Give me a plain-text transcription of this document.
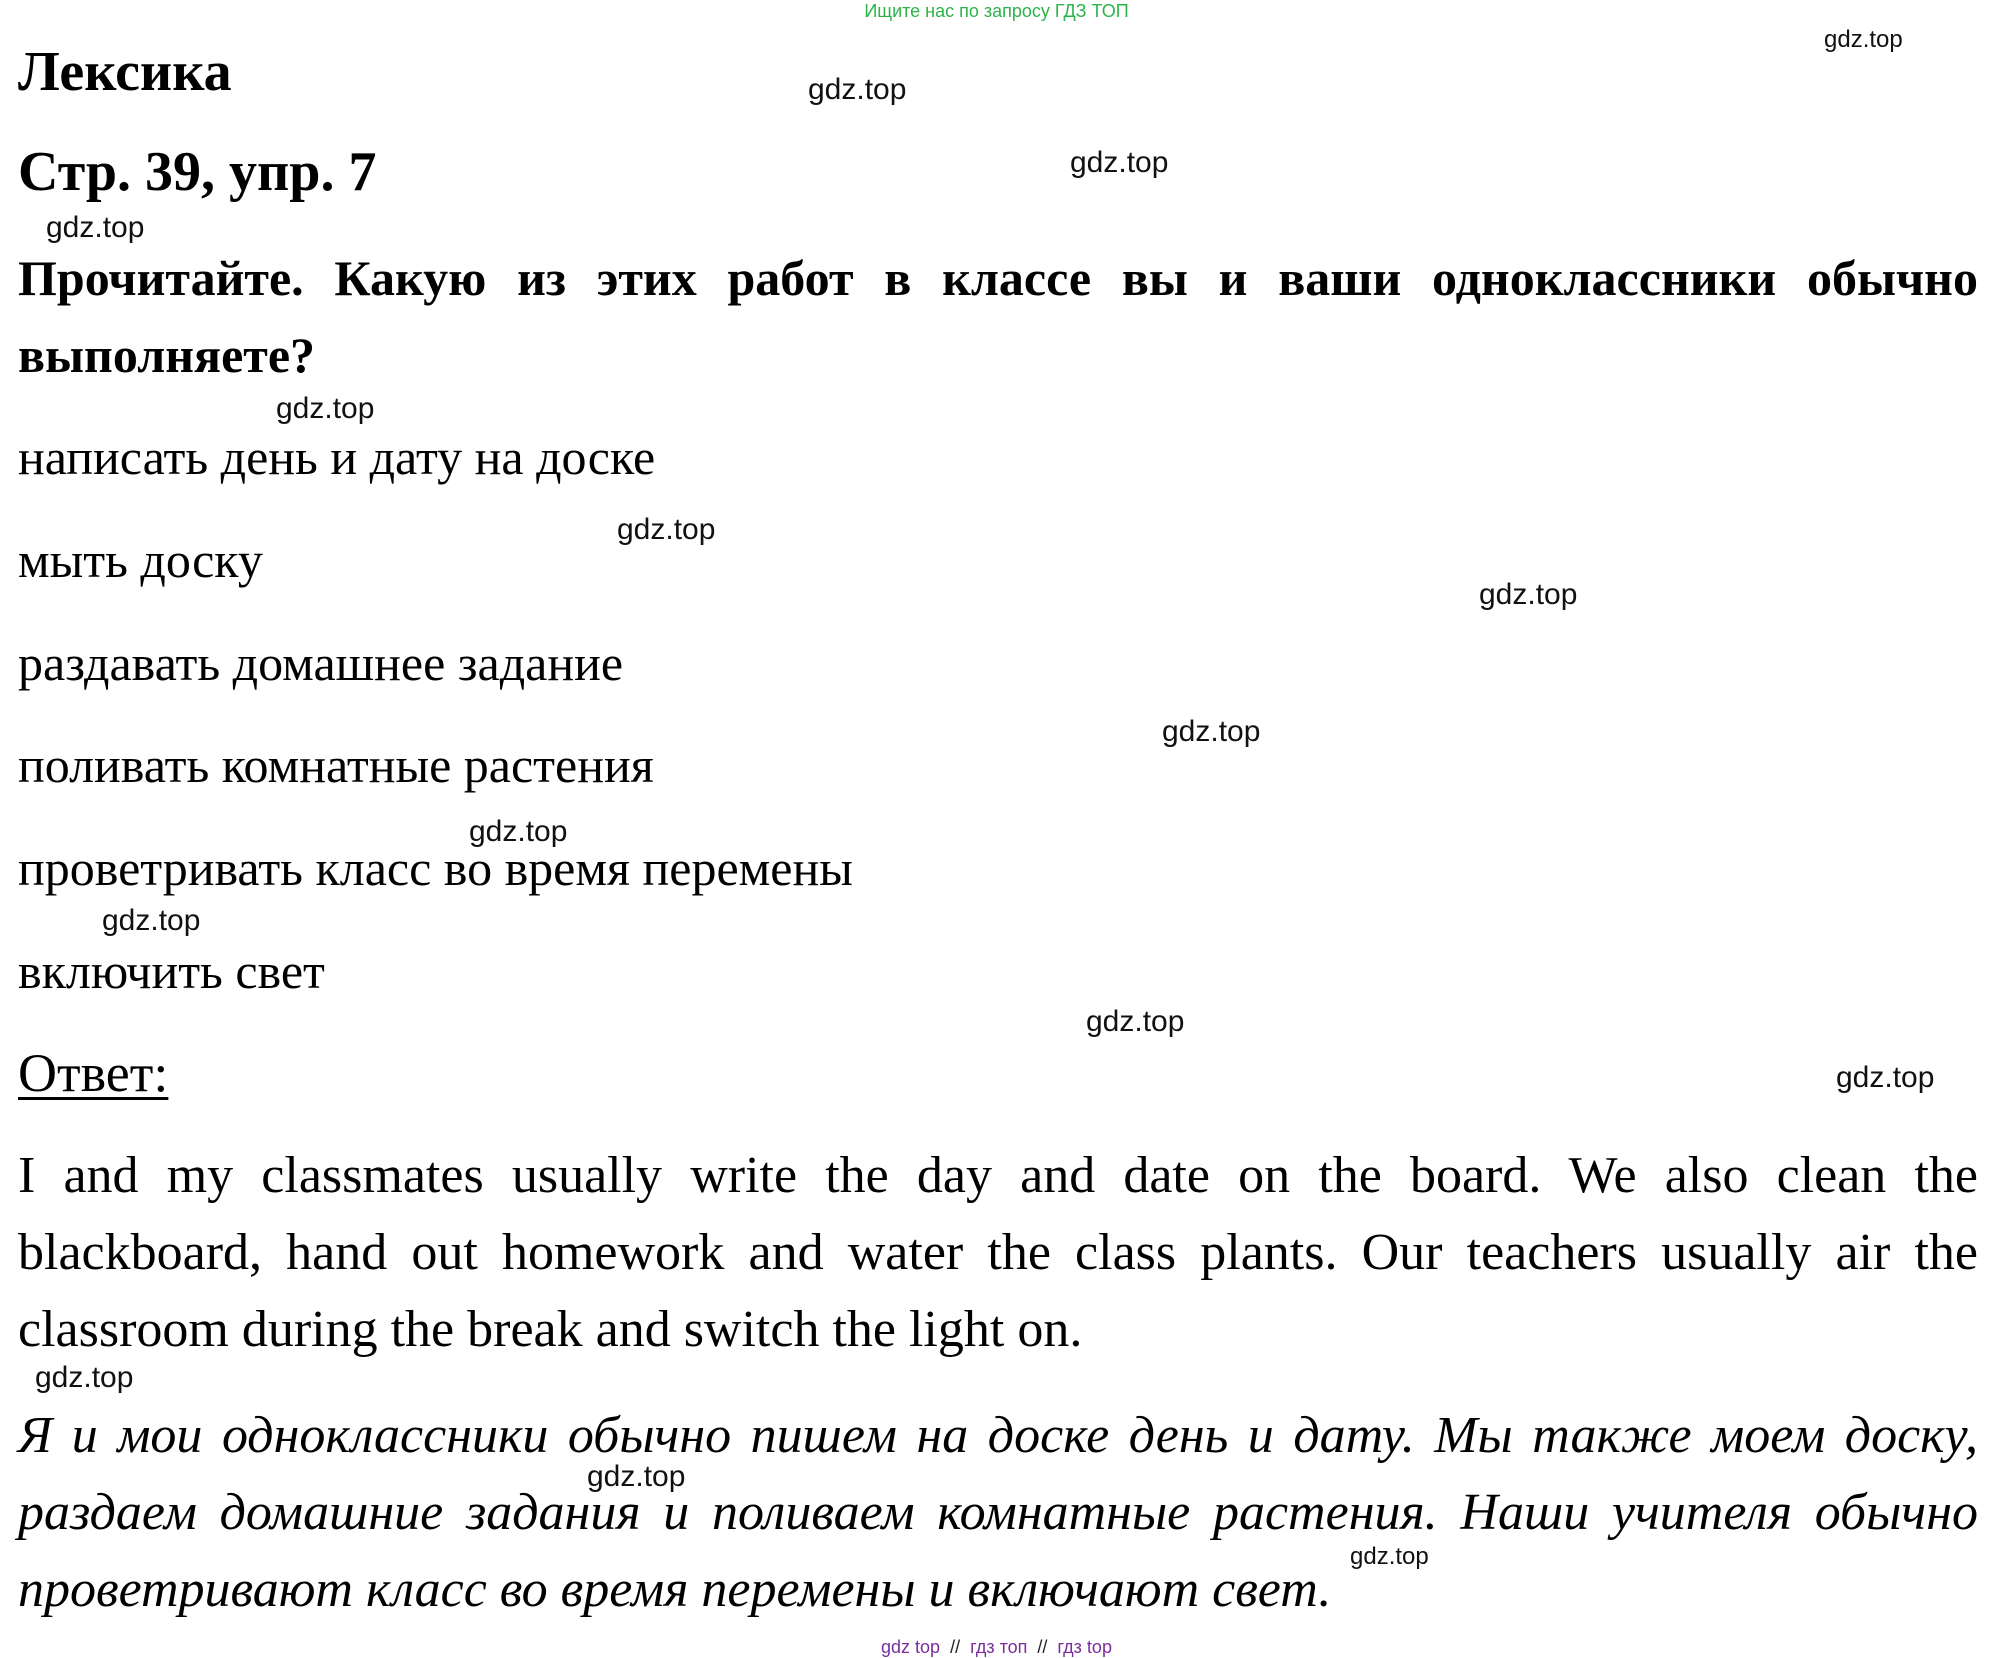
Ищите нас по запросу ГДЗ ТОП
Лексика
Стр. 39, упр. 7
Прочитайте. Какую из этих работ в классе вы и ваши одноклассники обычно выполняете?
написать день и дату на доске
мыть доску
раздавать домашнее задание
поливать комнатные растения
проветривать класс во время перемены
включить свет
Ответ:
I and my classmates usually write the day and date on the board. We also clean the blackboard, hand out homework and water the class plants. Our teachers usually air the classroom during the break and switch the light on.
Я и мои одноклассники обычно пишем на доске день и дату. Мы также моем доску, раздаем домашние задания и поливаем комнатные растения. Наши учителя обычно проветривают класс во время перемены и включают свет.
gdz.top
gdz.top
gdz.top
gdz.top
gdz.top
gdz.top
gdz.top
gdz.top
gdz.top
gdz.top
gdz.top
gdz.top
gdz.top
gdz.top
gdz.top
gdz top // гдз топ // гдз top
